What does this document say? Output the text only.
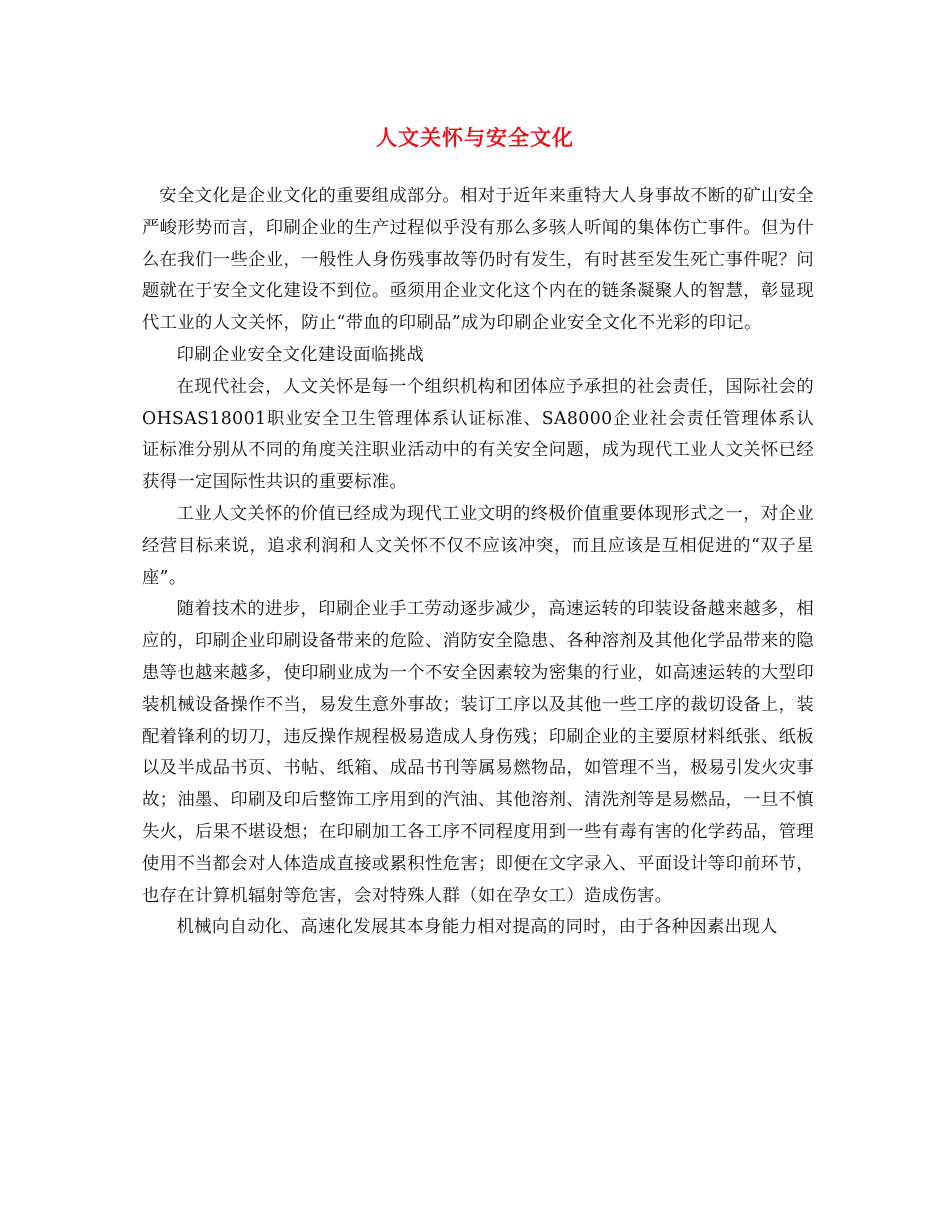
人文关怀与安全文化

安全文化是企业文化的重要组成部分。相对于近年来重特大人身事故不断的矿山安全严峻形势而言，印刷企业的生产过程似乎没有那么多骇人听闻的集体伤亡事件。但为什么在我们一些企业，一般性人身伤残事故等仍时有发生，有时甚至发生死亡事件呢？问题就在于安全文化建设不到位。亟须用企业文化这个内在的链条凝聚人的智慧，彰显现代工业的人文关怀，防止“带血的印刷品”成为印刷企业安全文化不光彩的印记。

印刷企业安全文化建设面临挑战

在现代社会，人文关怀是每一个组织机构和团体应予承担的社会责任，国际社会的OHSAS18001职业安全卫生管理体系认证标准、SA8000企业社会责任管理体系认证标准分别从不同的角度关注职业活动中的有关安全问题，成为现代工业人文关怀已经获得一定国际性共识的重要标准。

工业人文关怀的价值已经成为现代工业文明的终极价值重要体现形式之一，对企业经营目标来说，追求利润和人文关怀不仅不应该冲突，而且应该是互相促进的“双子星座”。

随着技术的进步，印刷企业手工劳动逐步减少，高速运转的印装设备越来越多，相应的，印刷企业印刷设备带来的危险、消防安全隐患、各种溶剂及其他化学品带来的隐患等也越来越多，使印刷业成为一个不安全因素较为密集的行业，如高速运转的大型印装机械设备操作不当，易发生意外事故；装订工序以及其他一些工序的裁切设备上，装配着锋利的切刀，违反操作规程极易造成人身伤残；印刷企业的主要原材料纸张、纸板以及半成品书页、书帖、纸箱、成品书刊等属易燃物品，如管理不当，极易引发火灾事故；油墨、印刷及印后整饰工序用到的汽油、其他溶剂、清洗剂等是易燃品，一旦不慎失火，后果不堪设想；在印刷加工各工序不同程度用到一些有毒有害的化学药品，管理使用不当都会对人体造成直接或累积性危害；即便在文字录入、平面设计等印前环节，也存在计算机辐射等危害，会对特殊人群（如在孕女工）造成伤害。

机械向自动化、高速化发展其本身能力相对提高的同时，由于各种因素出现人
